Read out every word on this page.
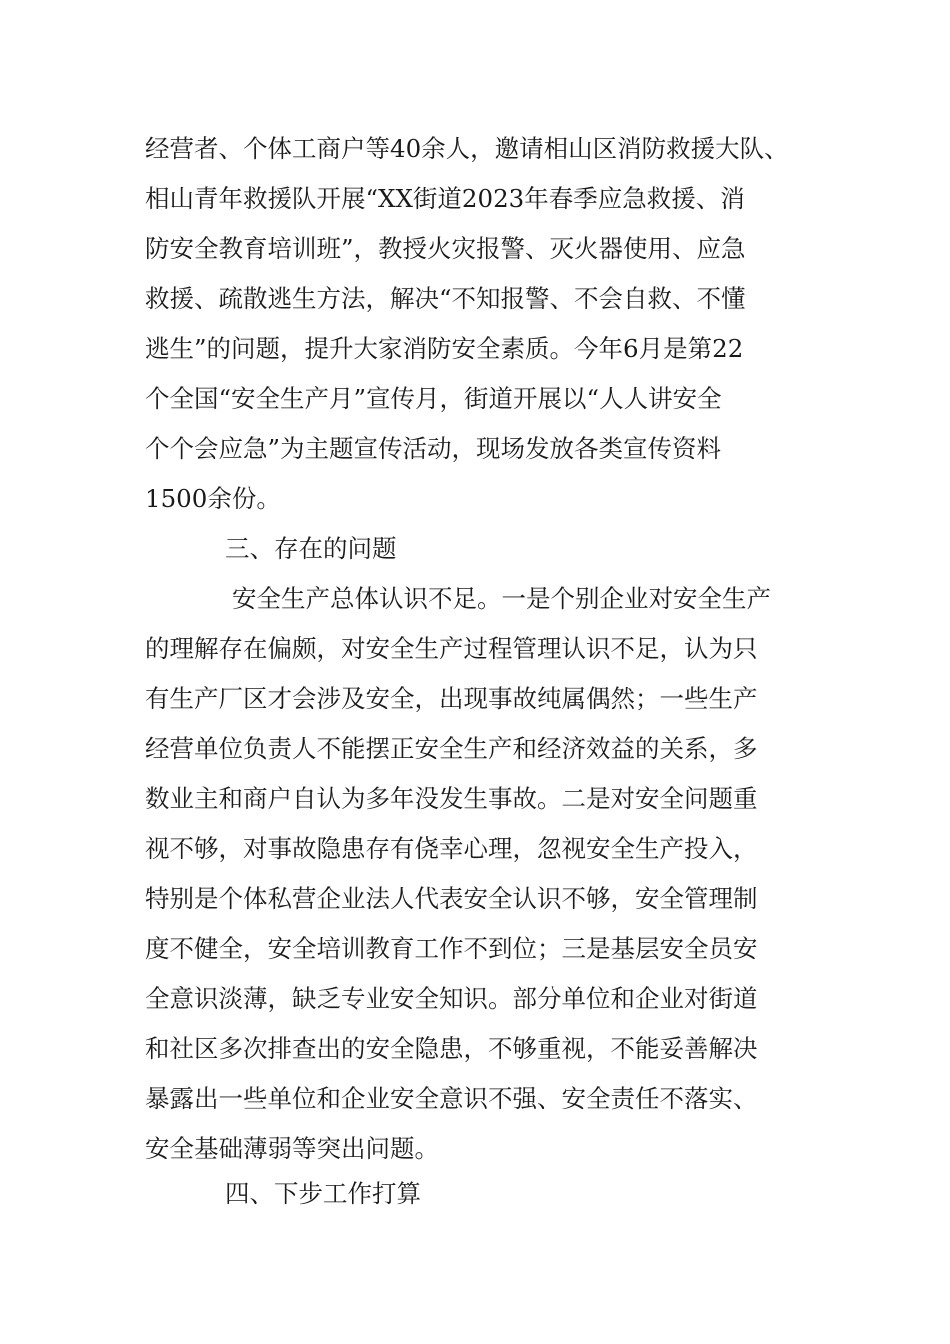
经营者、个体工商户等40余人，邀请相山区消防救援大队、
相山青年救援队开展“XX街道2023年春季应急救援、消
防安全教育培训班”，教授火灾报警、灭火器使用、应急
救援、疏散逃生方法，解决“不知报警、不会自救、不懂
逃生”的问题，提升大家消防安全素质。今年6月是第22
个全国“安全生产月”宣传月，街道开展以“人人讲安全
个个会应急”为主题宣传活动，现场发放各类宣传资料
1500余份。
三、存在的问题
安全生产总体认识不足。一是个别企业对安全生产
的理解存在偏颇，对安全生产过程管理认识不足，认为只
有生产厂区才会涉及安全，出现事故纯属偶然；一些生产
经营单位负责人不能摆正安全生产和经济效益的关系，多
数业主和商户自认为多年没发生事故。二是对安全问题重
视不够，对事故隐患存有侥幸心理，忽视安全生产投入，
特别是个体私营企业法人代表安全认识不够，安全管理制
度不健全，安全培训教育工作不到位；三是基层安全员安
全意识淡薄，缺乏专业安全知识。部分单位和企业对街道
和社区多次排查出的安全隐患，不够重视，不能妥善解决
暴露出一些单位和企业安全意识不强、安全责任不落实、
安全基础薄弱等突出问题。
四、下步工作打算
